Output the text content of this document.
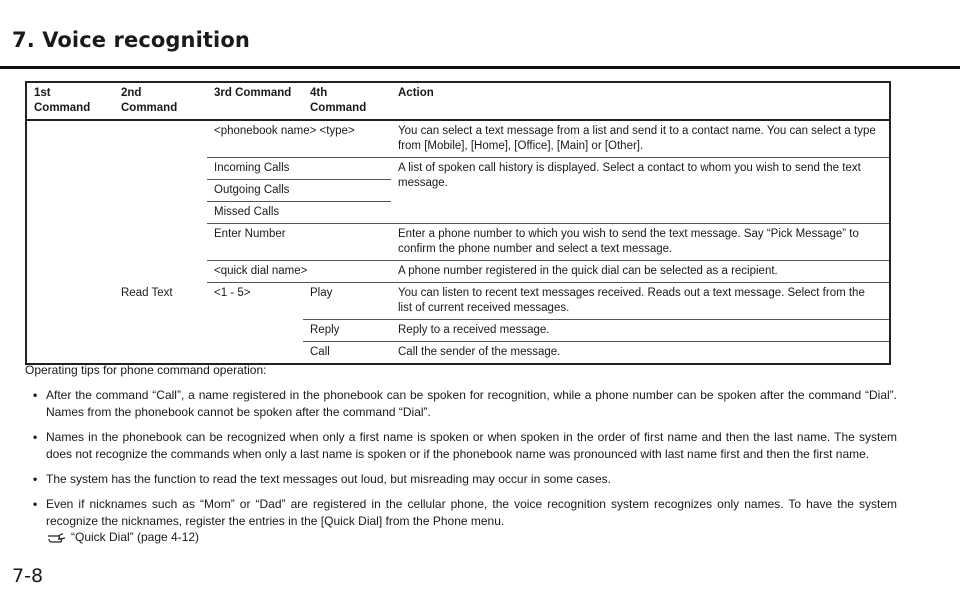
7. Voice recognition
1st Command	2nd Command	3rd Command	4th Command	Action
		<phonebook name> <type>		You can select a text message from a list and send it to a contact name. You can select a type from [Mobile], [Home], [Office], [Main] or [Other].
		Incoming Calls		A list of spoken call history is displayed. Select a contact to whom you wish to send the text message.
		Outgoing Calls		
		Missed Calls		
		Enter Number		Enter a phone number to which you wish to send the text message. Say “Pick Message” to confirm the phone number and select a text message.
		<quick dial name>		A phone number registered in the quick dial can be selected as a recipient.
	Read Text	<1 - 5>	Play	You can listen to recent text messages received. Reads out a text message. Select from the list of current received messages.
			Reply	Reply to a received message.
			Call	Call the sender of the message.

Operating tips for phone command operation:

• After the command “Call”, a name registered in the phonebook can be spoken for recognition, while a phone number can be spoken after the command “Dial”. Names from the phonebook cannot be spoken after the command “Dial”.
• Names in the phonebook can be recognized when only a first name is spoken or when spoken in the order of first name and then the last name. The system does not recognize the commands when only a last name is spoken or if the phonebook name was pronounced with last name first and then the first name.
• The system has the function to read the text messages out loud, but misreading may occur in some cases.
• Even if nicknames such as “Mom” or “Dad” are registered in the cellular phone, the voice recognition system recognizes only names. To have the system recognize the nicknames, register the entries in the [Quick Dial] from the Phone menu.
“Quick Dial” (page 4-12)
7-8
